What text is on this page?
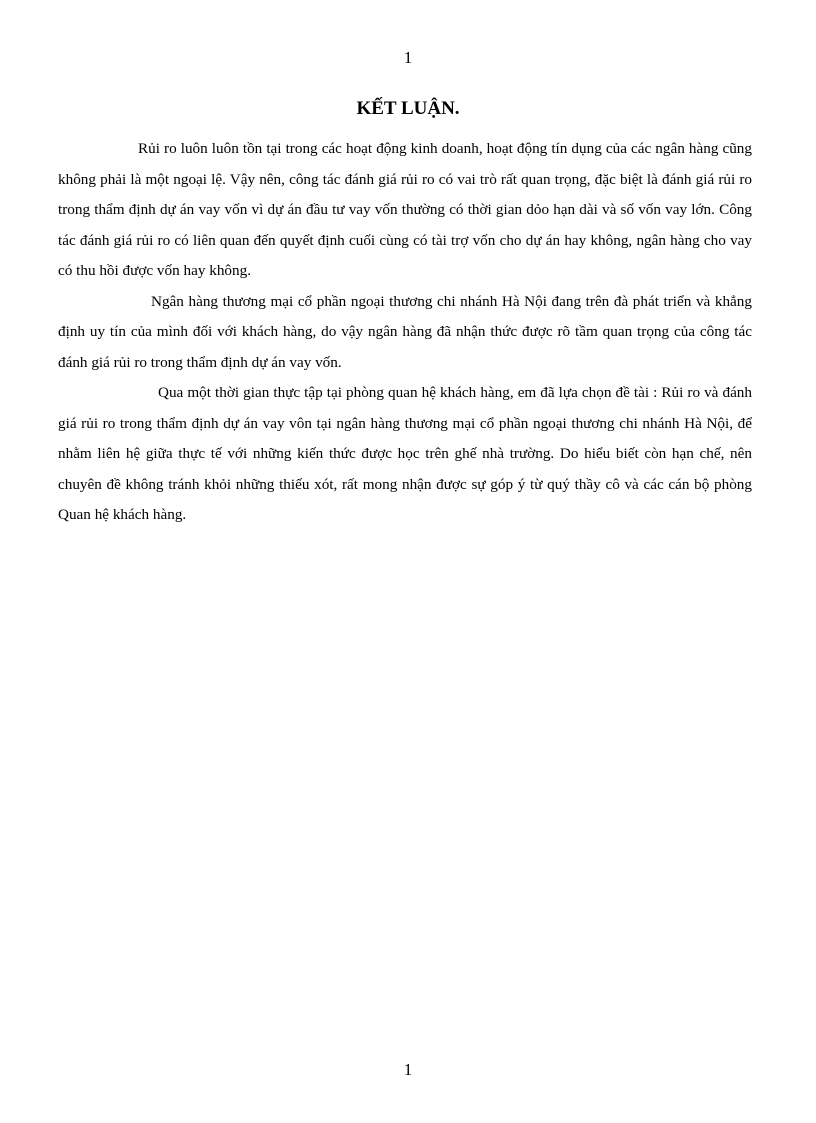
1
KẾT LUẬN.

Rủi ro luôn luôn tồn tại trong các hoạt động kinh doanh, hoạt động tín dụng của các ngân hàng cũng không phải là một ngoại lệ. Vậy nên, công tác đánh giá rủi ro có vai trò rất quan trọng, đặc biệt là đánh giá rủi ro trong thẩm định dự án vay vốn vì dự án đầu tư vay vốn thường có thời gian dỏo hạn dài và số vốn vay lớn. Công tác đánh giá rủi ro có liên quan đến quyết định cuối cùng có tài trợ vốn cho dự án hay không, ngân hàng cho vay có thu hồi được vốn hay không.

Ngân hàng thương mại cổ phần ngoại thương chi nhánh Hà Nội đang trên đà phát triển và khẳng định uy tín của mình đối với khách hàng, do vậy ngân hàng đã nhận thức được rõ tầm quan trọng của công tác đánh giá rủi ro trong thẩm định dự án vay vốn.

Qua một thời gian thực tập tại phòng quan hệ khách hàng, em đã lựa chọn đề tài : Rủi ro và đánh giá rủi ro trong thẩm định dự án vay vôn tại ngân hàng thương mại cổ phần ngoại thương chi nhánh Hà Nội, để nhằm liên hệ giữa thực tế với những kiến thức được học trên ghế nhà trường. Do hiểu biết còn hạn chế, nên chuyên đề không tránh khỏi những thiếu xót, rất mong nhận được sự góp ý từ quý thầy cô và các cán bộ phòng Quan hệ khách hàng.

1
